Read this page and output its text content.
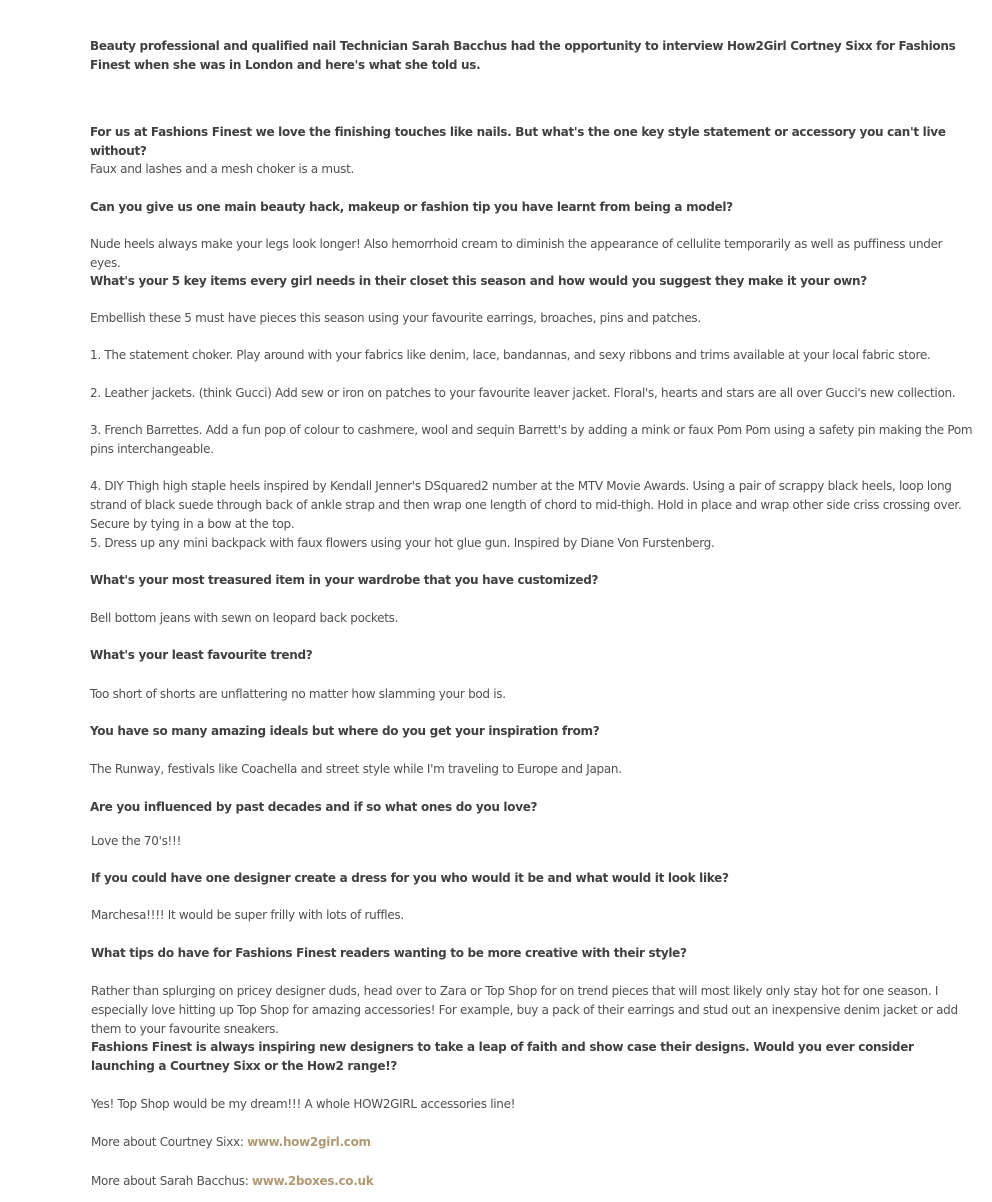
Beauty professional and qualified nail Technician Sarah Bacchus had the opportunity to interview How2Girl Cortney Sixx for Fashions Finest when she was in London and here's what she told us.

For us at Fashions Finest we love the finishing touches like nails. But what's the one key style statement or accessory you can't live without?

Faux and lashes and a mesh choker is a must.

Can you give us one main beauty hack, makeup or fashion tip you have learnt from being a model?

Nude heels always make your legs look longer! Also hemorrhoid cream to diminish the appearance of cellulite temporarily as well as puffiness under eyes.

What's your 5 key items every girl needs in their closet this season and how would you suggest they make it your own?

Embellish these 5 must have pieces this season using your favourite earrings, broaches, pins and patches.

1. The statement choker. Play around with your fabrics like denim, lace, bandannas, and sexy ribbons and trims available at your local fabric store.

2. Leather jackets. (think Gucci) Add sew or iron on patches to your favourite leaver jacket. Floral's, hearts and stars are all over Gucci's new collection.

3. French Barrettes. Add a fun pop of colour to cashmere, wool and sequin Barrett's by adding a mink or faux Pom Pom using a safety pin making the Pom pins interchangeable.

4. DIY Thigh high staple heels inspired by Kendall Jenner's DSquared2 number at the MTV Movie Awards. Using a pair of scrappy black heels, loop long strand of black suede through back of ankle strap and then wrap one length of chord to mid-thigh. Hold in place and wrap other side criss crossing over. Secure by tying in a bow at the top.

5. Dress up any mini backpack with faux flowers using your hot glue gun. Inspired by Diane Von Furstenberg.

What's your most treasured item in your wardrobe that you have customized?

Bell bottom jeans with sewn on leopard back pockets.

What's your least favourite trend?

Too short of shorts are unflattering no matter how slamming your bod is.

You have so many amazing ideals but where do you get your inspiration from?

The Runway, festivals like Coachella and street style while I'm traveling to Europe and Japan.

Are you influenced by past decades and if so what ones do you love?

Love the 70's!!!

If you could have one designer create a dress for you who would it be and what would it look like?

Marchesa!!!! It would be super frilly with lots of ruffles.

What tips do have for Fashions Finest readers wanting to be more creative with their style?

Rather than splurging on pricey designer duds, head over to Zara or Top Shop for on trend pieces that will most likely only stay hot for one season. I especially love hitting up Top Shop for amazing accessories! For example, buy a pack of their earrings and stud out an inexpensive denim jacket or add them to your favourite sneakers.

Fashions Finest is always inspiring new designers to take a leap of faith and show case their designs. Would you ever consider launching a Courtney Sixx or the How2 range!?

Yes! Top Shop would be my dream!!! A whole HOW2GIRL accessories line!

More about Courtney Sixx: www.how2girl.com

More about Sarah Bacchus: www.2boxes.co.uk
